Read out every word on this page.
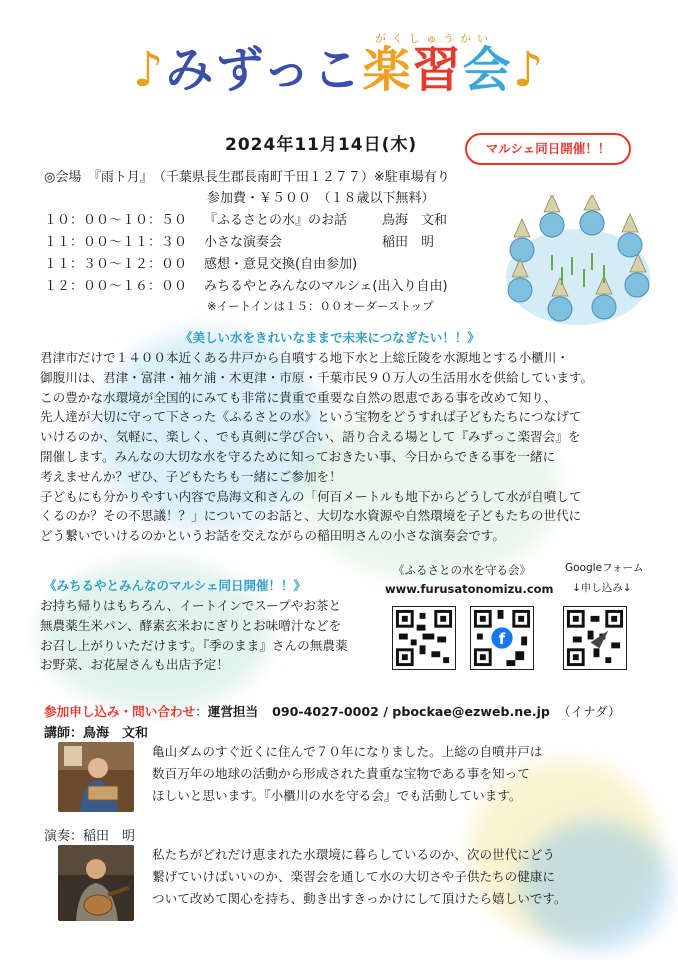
がくしゅうかい
♪みずっこ楽習会♪
2024年11月14日(木)	マルシェ同日開催！！
◎会場　『雨ト月』　（千葉県長生郡長南町千田１２７７）※駐車場有り
参加費・￥５００　（１８歳以下無料）
１０：００〜１０：５０ 『ふるさとの水』のお話	鳥海　文和
１１：００〜１１：３０ 小さな演奏会	稲田　明
１１：３０〜１２：００ 感想・意見交換(自由参加)
１２：００〜１６：００ みちるやとみんなのマルシェ(出入り自由)
※イートインは１５：００オーダーストップ
《美しい水をきれいなままで未来につなぎたい！！》
君津市だけで１４００本近くある井戸から自噴する地下水と上総丘陵を水源地とする小櫃川・
御腹川は、君津・富津・袖ケ浦・木更津・市原・千葉市民９０万人の生活用水を供給しています。
この豊かな水環境が全国的にみても非常に貴重で重要な自然の恩恵である事を改めて知り、
先人達が大切に守って下さった《ふるさとの水》という宝物をどうすれば子どもたちにつなげて
いけるのか、気軽に、楽しく、でも真剣に学び合い、語り合える場として『みずっこ楽習会』を
開催します。みんなの大切な水を守るために知っておきたい事、今日からできる事を一緒に
考えませんか？ぜひ、子どもたちも一緒にご参加を！
子どもにも分かりやすい内容で鳥海文和さんの「何百メートルも地下からどうして水が自噴して
くるのか？その不思議！？」についてのお話と、大切な水資源や自然環境を子どもたちの世代に
どう繋いでいけるのかというお話を交えながらの稲田明さんの小さな演奏会です。
《みちるやとみんなのマルシェ同日開催！！》
お持ち帰りはもちろん、イートインでスープやお茶と
無農薬生米パン、酵素玄米おにぎりとお味噌汁などを
お召し上がりいただけます。『季のまま』さんの無農薬
お野菜、お花屋さんも出店予定！
《ふるさとの水を守る会》
www.furusatonomizu.com
Googleフォーム
↓申し込み↓
f
参加申し込み・問い合わせ：運営担当 090-4027-0002 / pbockae@ezweb.ne.jp （イナダ）
講師：鳥海　文和
亀山ダムのすぐ近くに住んで７０年になりました。上総の自噴井戸は
数百万年の地球の活動から形成された貴重な宝物である事を知って
ほしいと思います。『小櫃川の水を守る会』でも活動しています。
演奏：稲田　明
私たちがどれだけ恵まれた水環境に暮らしているのか、次の世代にどう
繋げていけばいいのか、楽習会を通して水の大切さや子供たちの健康に
ついて改めて関心を持ち、動き出すきっかけにして頂けたら嬉しいです。
